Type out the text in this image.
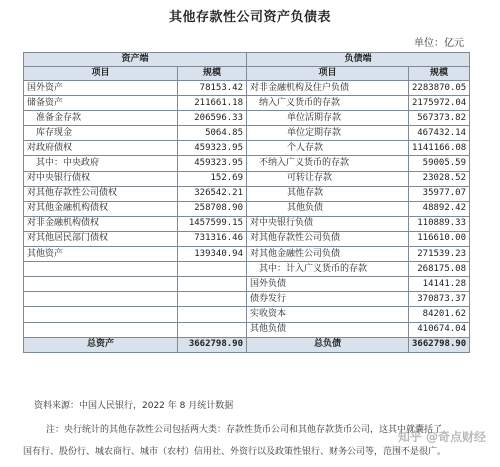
其他存款性公司资产负债表
单位：亿元
资产端		负债端	
项目	规模	项目	规模
国外资产	78153.42	对非金融机构及住户负债	2283870.05
储备资产	211661.18	纳入广义货币的存款	2175972.04
准备金存款	206596.33	单位活期存款	567373.82
库存现金	5064.85	单位定期存款	467432.14
对政府债权	459323.95	个人存款	1141166.08
其中：中央政府	459323.95	不纳入广义货币的存款	59005.59
对中央银行债权	152.69	可转让存款	23028.52
对其他存款性公司债权	326542.21	其他存款	35977.07
对其他金融机构债权	258708.90	其他负债	48892.42
对非金融机构债权	1457599.15	对中央银行负债	110889.33
对其他居民部门债权	731316.46	对其他存款性公司负债	116610.00
其他资产	139340.94	对其他金融性公司负债	271539.23
		其中：计入广义货币的存款	268175.08
		国外负债	14141.28
		债券发行	370873.37
		实收资本	84201.62
		其他负债	410674.04
总资产	3662798.90	总负债	3662798.90
资料来源：中国人民银行，2022 年 8 月统计数据
注：央行统计的其他存款性公司包括两大类：存款性货币公司和其他存款货币公司，这其中就囊括了
国有行、股份行、城农商行、城市（农村）信用社、外资行以及政策性银行、财务公司等，范围不是很广。
知乎 @奇点财经
